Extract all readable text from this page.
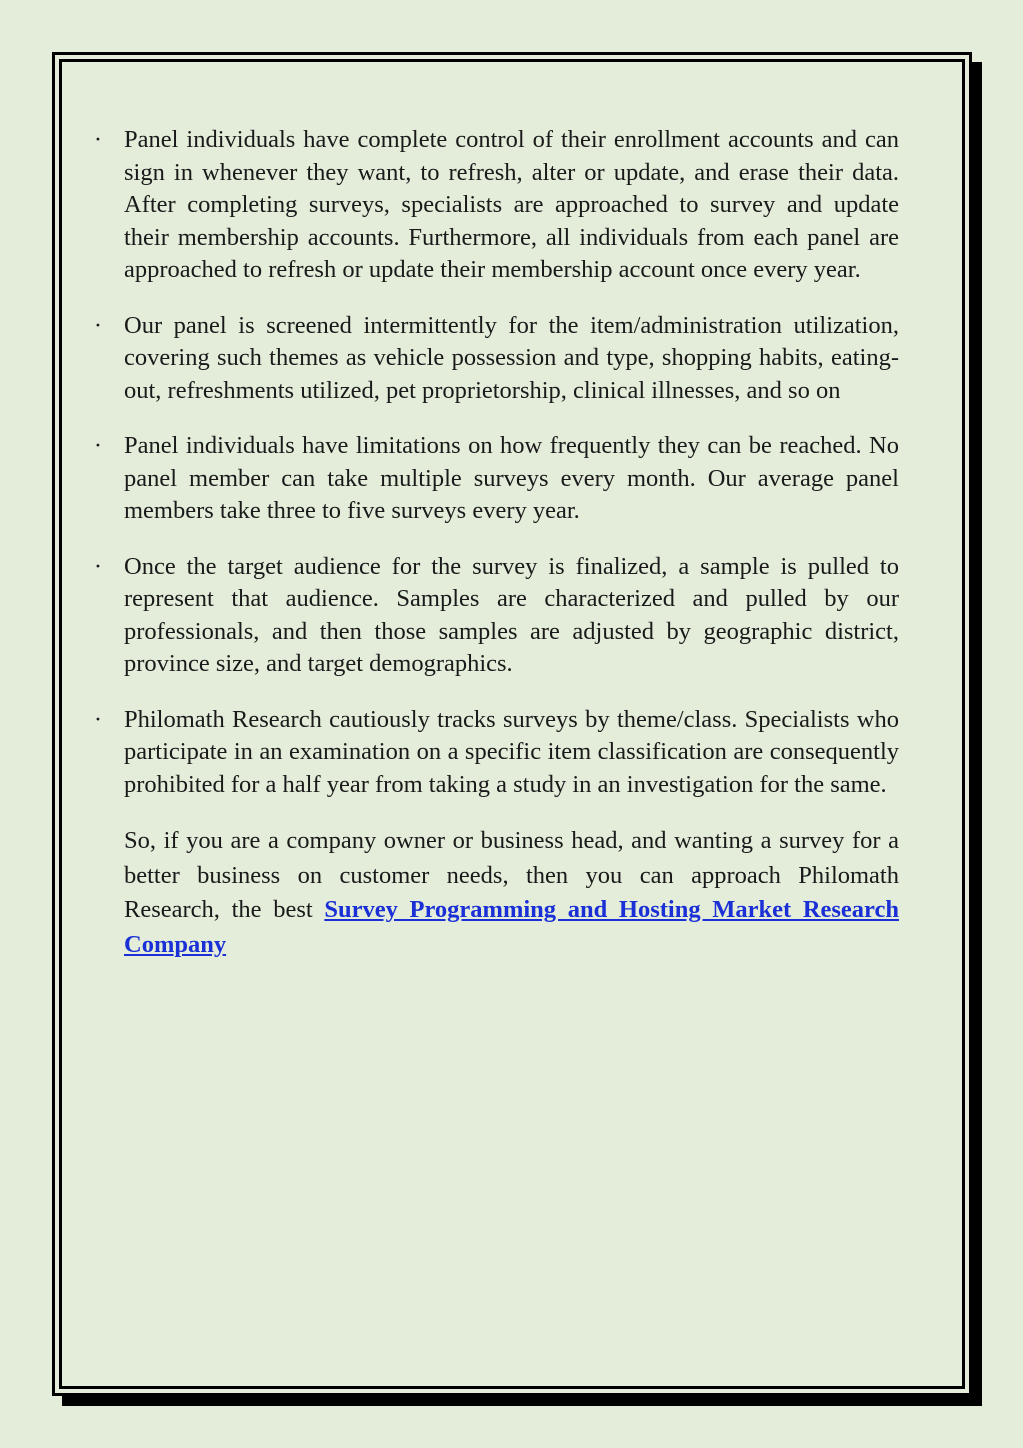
· Panel individuals have complete control of their enrollment accounts and can sign in whenever they want, to refresh, alter or update, and erase their data. After completing surveys, specialists are approached to survey and update their membership accounts. Furthermore, all individuals from each panel are approached to refresh or update their membership account once every year.
· Our panel is screened intermittently for the item/administration utilization, covering such themes as vehicle possession and type, shopping habits, eating-out, refreshments utilized, pet proprietorship, clinical illnesses, and so on
· Panel individuals have limitations on how frequently they can be reached. No panel member can take multiple surveys every month. Our average panel members take three to five surveys every year.
· Once the target audience for the survey is finalized, a sample is pulled to represent that audience. Samples are characterized and pulled by our professionals, and then those samples are adjusted by geographic district, province size, and target demographics.
· Philomath Research cautiously tracks surveys by theme/class. Specialists who participate in an examination on a specific item classification are consequently prohibited for a half year from taking a study in an investigation for the same.

So, if you are a company owner or business head, and wanting a survey for a better business on customer needs, then you can approach Philomath Research, the best Survey Programming and Hosting Market Research Company
